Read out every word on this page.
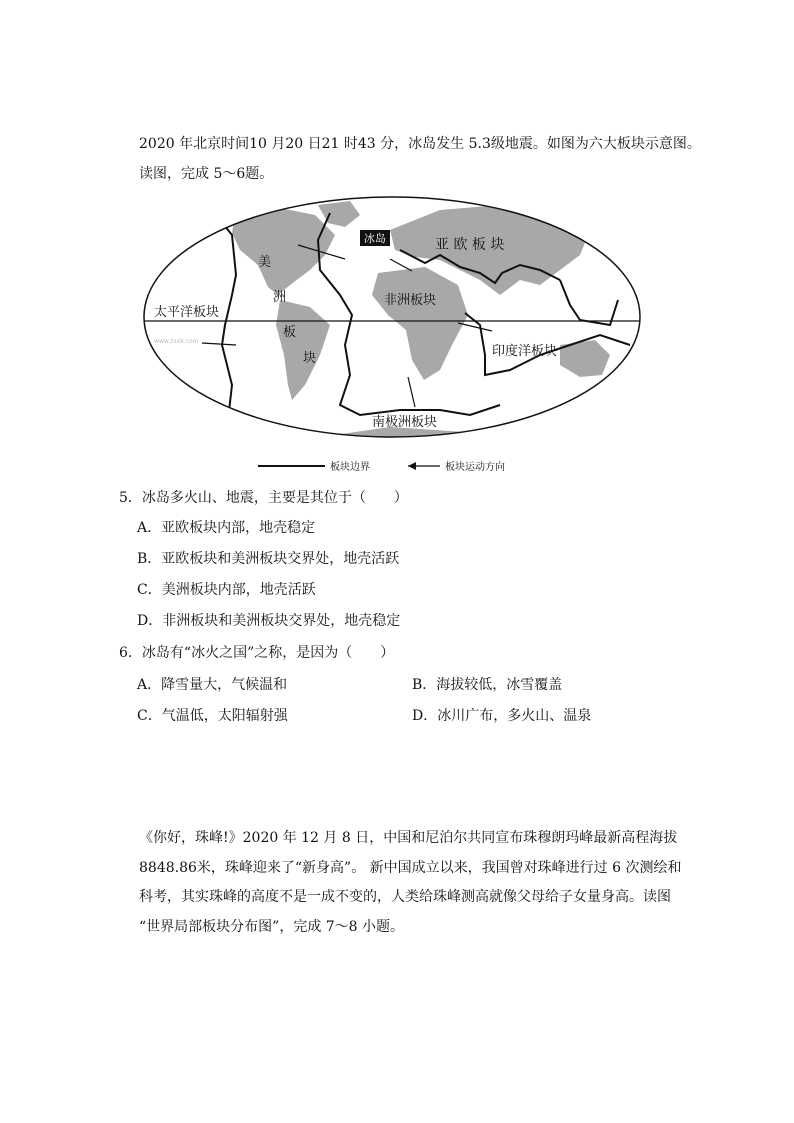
2020 年北京时间10 月20 日21 时43 分，冰岛发生 5.3级地震。如图为六大板块示意图。
读图，完成 5～6题。
冰岛	亚 欧 板 块
美
洲
板
块
太平洋板块
非洲板块
印度洋板块
南极洲板块
www.zxxk.com
板块边界	板块运动方向
5．冰岛多火山、地震，主要是其位于（　　）
A．亚欧板块内部，地壳稳定
B．亚欧板块和美洲板块交界处，地壳活跃
C．美洲板块内部，地壳活跃
D．非洲板块和美洲板块交界处，地壳稳定
6．冰岛有“冰火之国”之称，是因为（　　）
A．降雪量大，气候温和	B．海拔较低，冰雪覆盖
C．气温低，太阳辐射强	D．冰川广布，多火山、温泉
《你好，珠峰!》2020 年 12 月 8 日，中国和尼泊尔共同宣布珠穆朗玛峰最新高程海拔
8848.86米，珠峰迎来了“新身高”。 新中国成立以来，我国曾对珠峰进行过 6 次测绘和
科考，其实珠峰的高度不是一成不变的，人类给珠峰测高就像父母给子女量身高。读图
“世界局部板块分布图”，完成 7～8 小题。
